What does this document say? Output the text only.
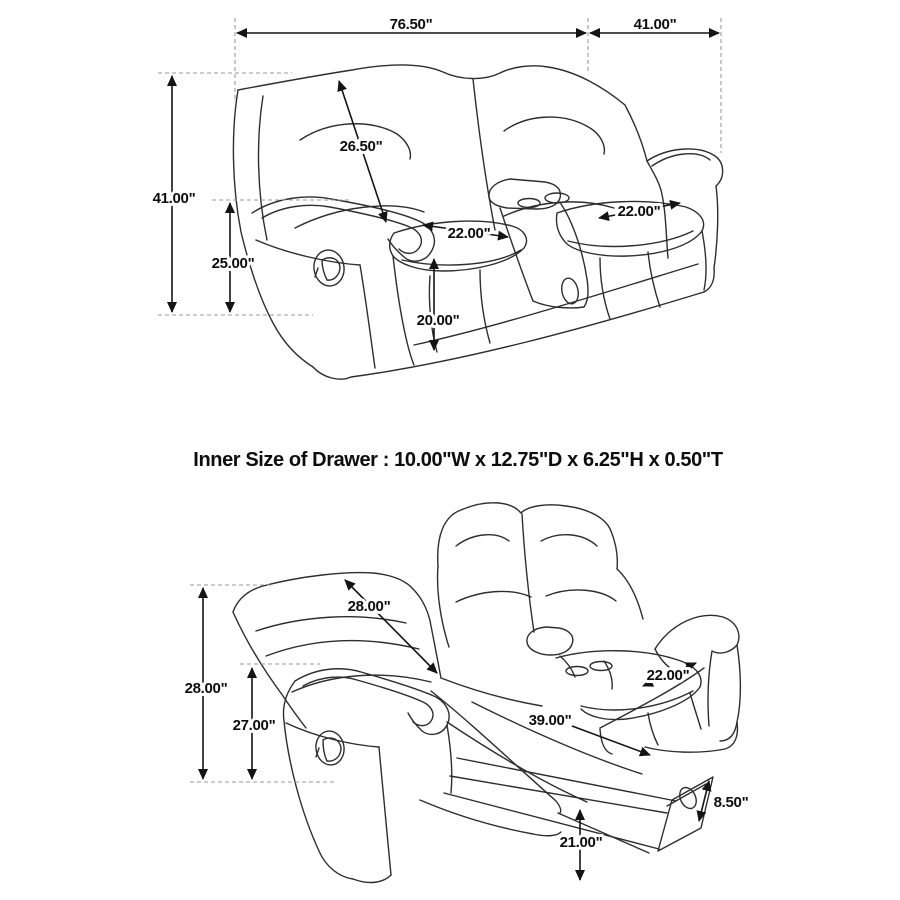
76.50"	41.00"
41.00"
25.00"
26.50"
22.00"
22.00"
20.00"
Inner Size of Drawer : 10.00"W x 12.75"D x 6.25"H x 0.50"T
28.00"
28.00"
27.00"
22.00"
39.00"
8.50"
21.00"
